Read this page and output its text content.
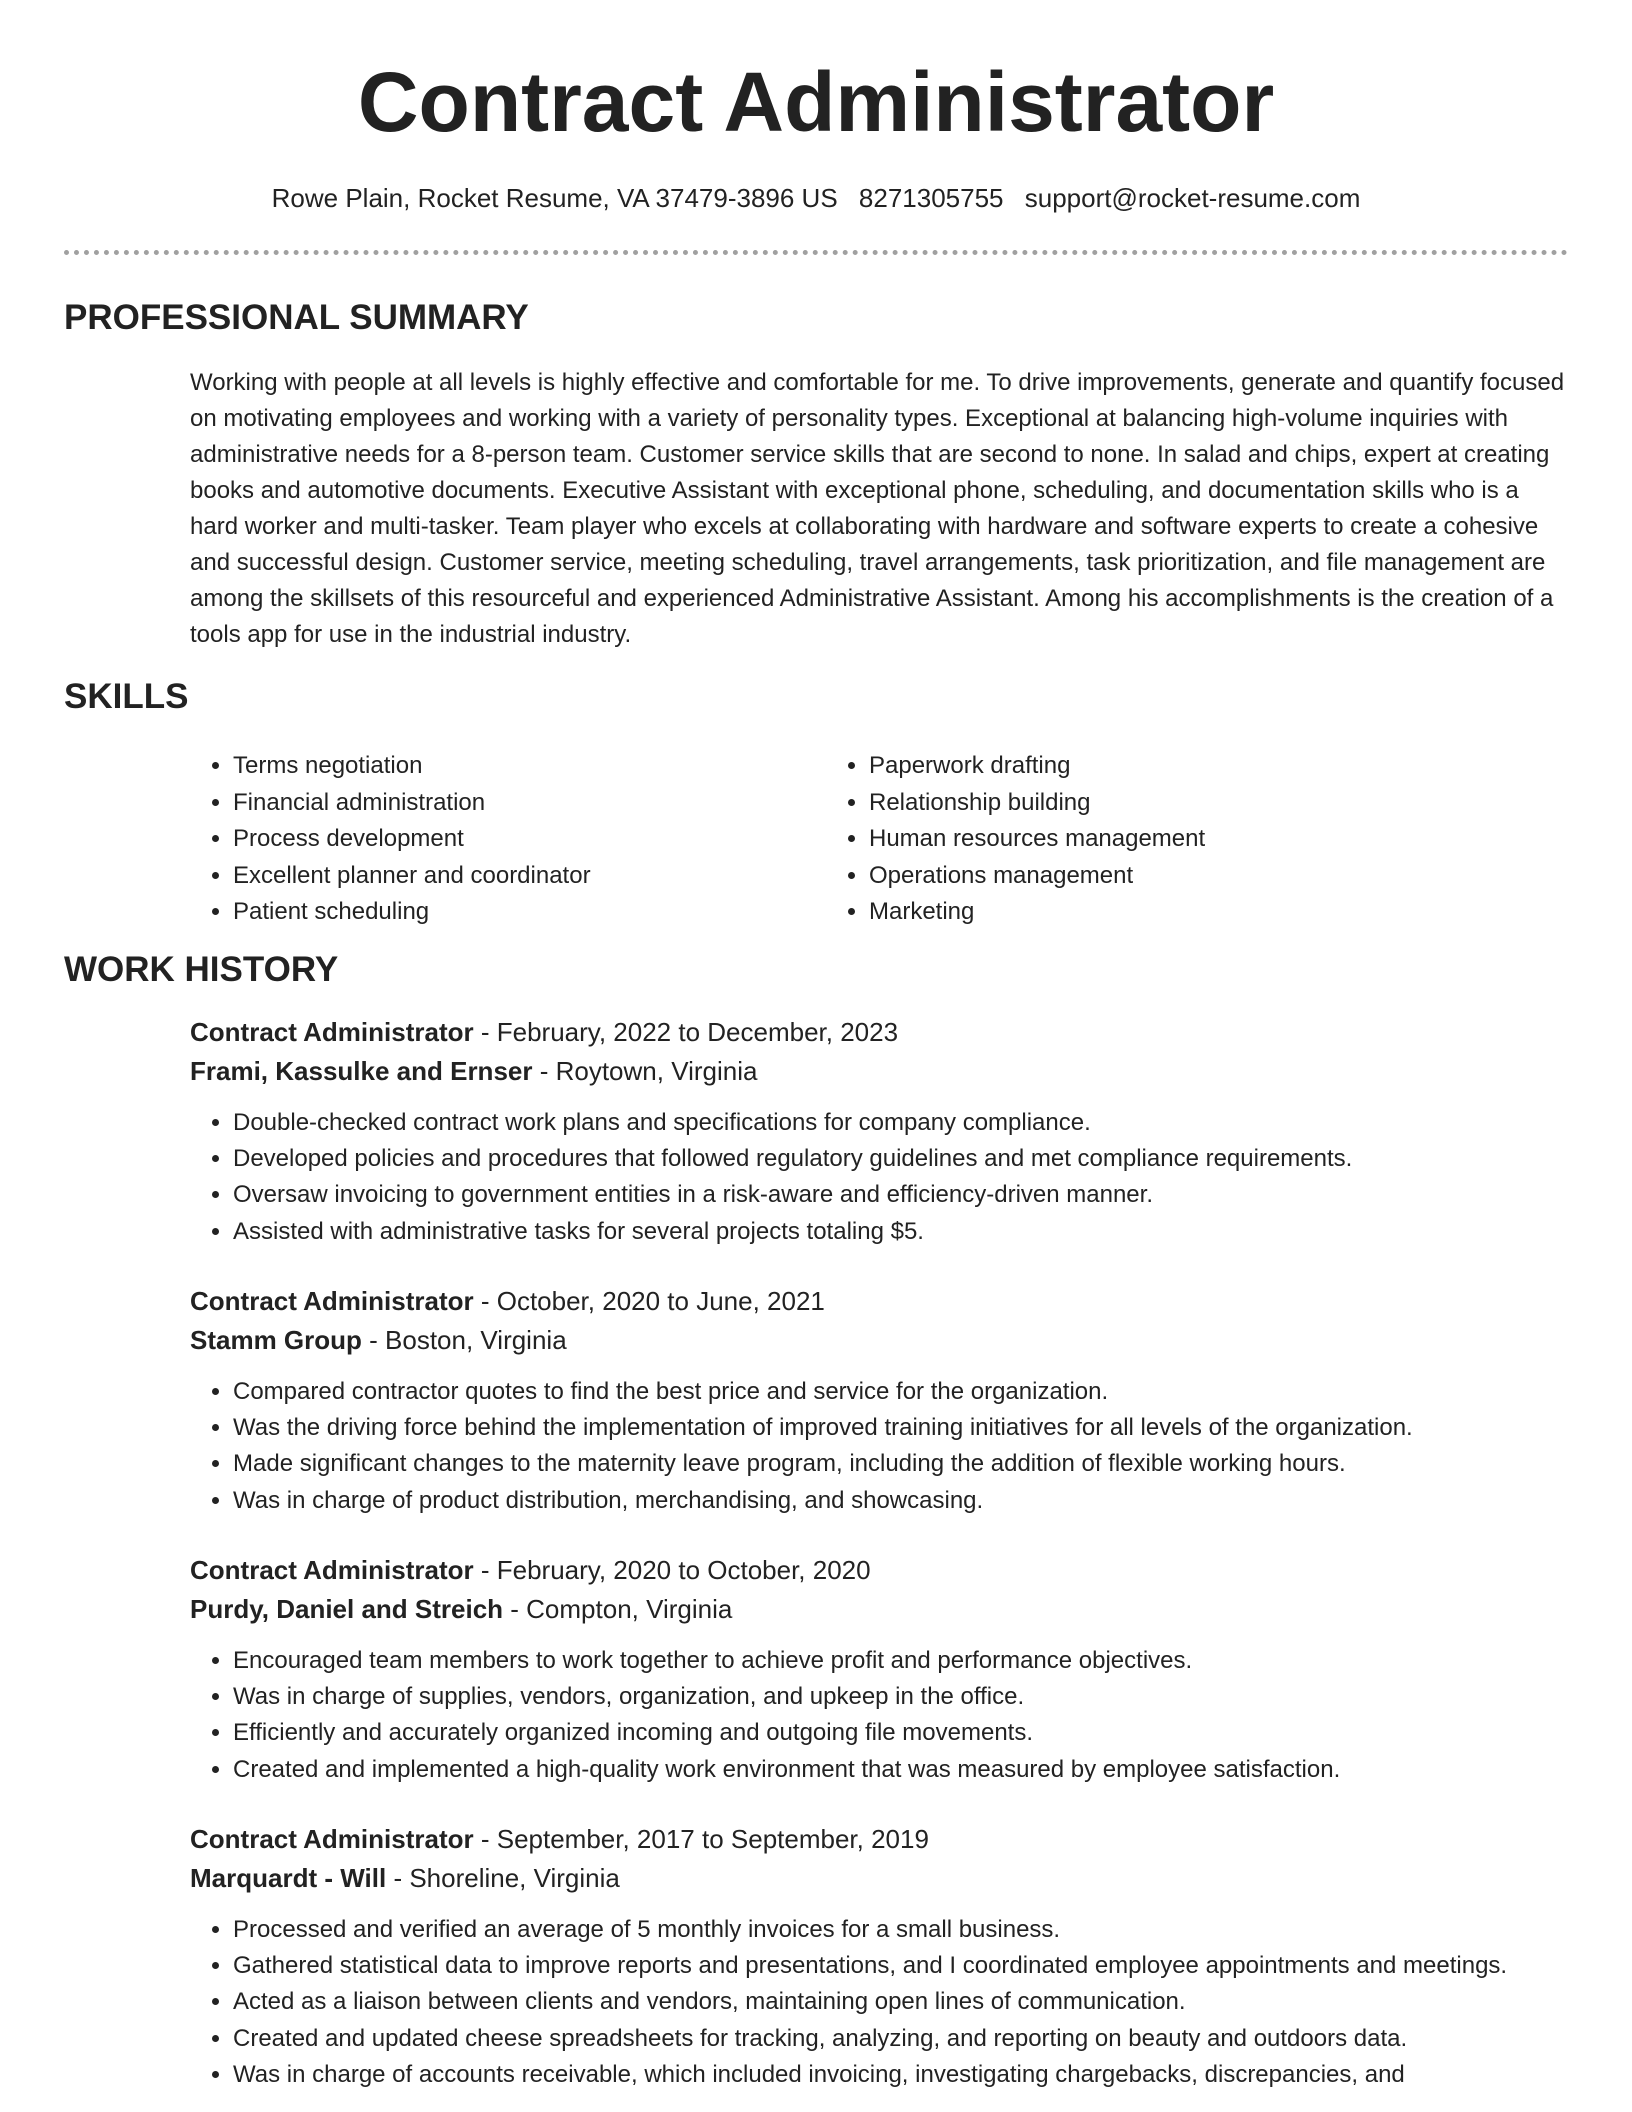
Contract Administrator
Rowe Plain, Rocket Resume, VA 37479-3896 US 8271305755 support@rocket-resume.com
PROFESSIONAL SUMMARY
Working with people at all levels is highly effective and comfortable for me. To drive improvements, generate and quantify focused on motivating employees and working with a variety of personality types. Exceptional at balancing high-volume inquiries with administrative needs for a 8-person team. Customer service skills that are second to none. In salad and chips, expert at creating books and automotive documents. Executive Assistant with exceptional phone, scheduling, and documentation skills who is a hard worker and multi-tasker. Team player who excels at collaborating with hardware and software experts to create a cohesive and successful design. Customer service, meeting scheduling, travel arrangements, task prioritization, and file management are among the skillsets of this resourceful and experienced Administrative Assistant. Among his accomplishments is the creation of a tools app for use in the industrial industry.
SKILLS
• Terms negotiation
• Financial administration
• Process development
• Excellent planner and coordinator
• Patient scheduling
• Paperwork drafting
• Relationship building
• Human resources management
• Operations management
• Marketing
WORK HISTORY
Contract Administrator - February, 2022 to December, 2023
Frami, Kassulke and Ernser - Roytown, Virginia
• Double-checked contract work plans and specifications for company compliance.
• Developed policies and procedures that followed regulatory guidelines and met compliance requirements.
• Oversaw invoicing to government entities in a risk-aware and efficiency-driven manner.
• Assisted with administrative tasks for several projects totaling $5.
Contract Administrator - October, 2020 to June, 2021
Stamm Group - Boston, Virginia
• Compared contractor quotes to find the best price and service for the organization.
• Was the driving force behind the implementation of improved training initiatives for all levels of the organization.
• Made significant changes to the maternity leave program, including the addition of flexible working hours.
• Was in charge of product distribution, merchandising, and showcasing.
Contract Administrator - February, 2020 to October, 2020
Purdy, Daniel and Streich - Compton, Virginia
• Encouraged team members to work together to achieve profit and performance objectives.
• Was in charge of supplies, vendors, organization, and upkeep in the office.
• Efficiently and accurately organized incoming and outgoing file movements.
• Created and implemented a high-quality work environment that was measured by employee satisfaction.
Contract Administrator - September, 2017 to September, 2019
Marquardt - Will - Shoreline, Virginia
• Processed and verified an average of 5 monthly invoices for a small business.
• Gathered statistical data to improve reports and presentations, and I coordinated employee appointments and meetings.
• Acted as a liaison between clients and vendors, maintaining open lines of communication.
• Created and updated cheese spreadsheets for tracking, analyzing, and reporting on beauty and outdoors data.
• Was in charge of accounts receivable, which included invoicing, investigating chargebacks, discrepancies, and
